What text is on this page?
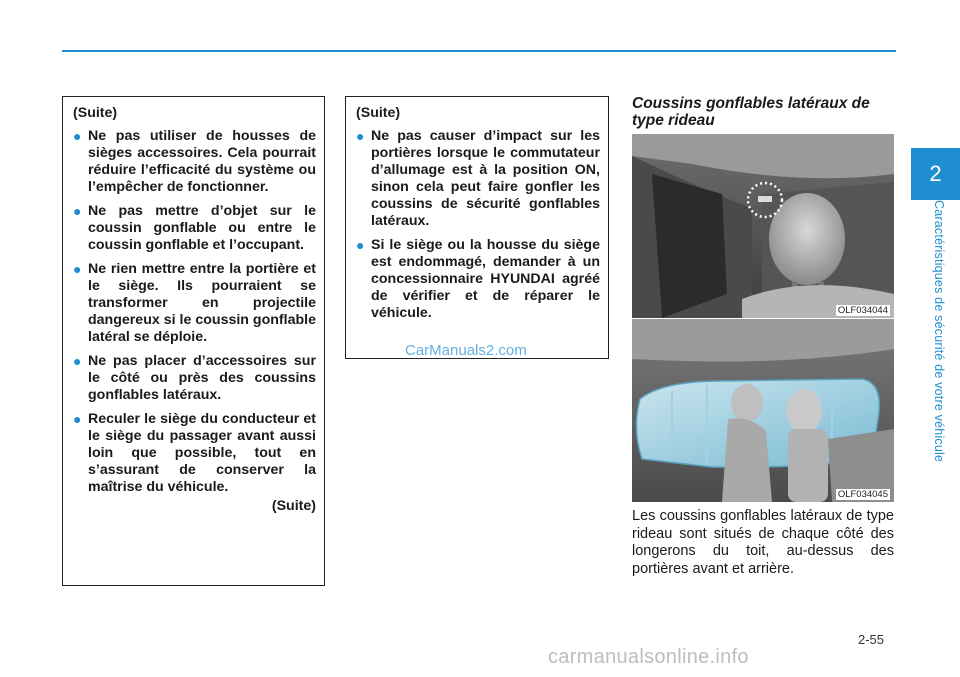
2
Caractéristiques de sécurité de votre véhicule
(Suite)
● Ne pas utiliser de housses de sièges accessoires. Cela pourrait réduire l’efficacité du système ou l’empêcher de fonctionner.
● Ne pas mettre d’objet sur le coussin gonflable ou entre le coussin gonflable et l’occupant.
● Ne rien mettre entre la portière et le siège. Ils pourraient se transformer en projectile dangereux si le coussin gonflable latéral se déploie.
● Ne pas placer d’accessoires sur le côté ou près des coussins gonflables latéraux.
● Reculer le siège du conducteur et le siège du passager avant aussi loin que possible, tout en s’assurant de conserver la maîtrise du véhicule.
(Suite)
(Suite)
● Ne pas causer d’impact sur les portières lorsque le commutateur d’allumage est à la position ON, sinon cela peut faire gonfler les coussins de sécurité gonflables latéraux.
● Si le siège ou la housse du siège est endommagé, demander à un concessionnaire HYUNDAI agréé de vérifier et de réparer le véhicule.
CarManuals2.com
Coussins gonflables latéraux de type rideau
OLF034044
OLF034045
Les coussins gonflables latéraux de type rideau sont situés de chaque côté des longerons du toit, au-dessus des portières avant et arrière.
2-55
carmanualsonline.info
